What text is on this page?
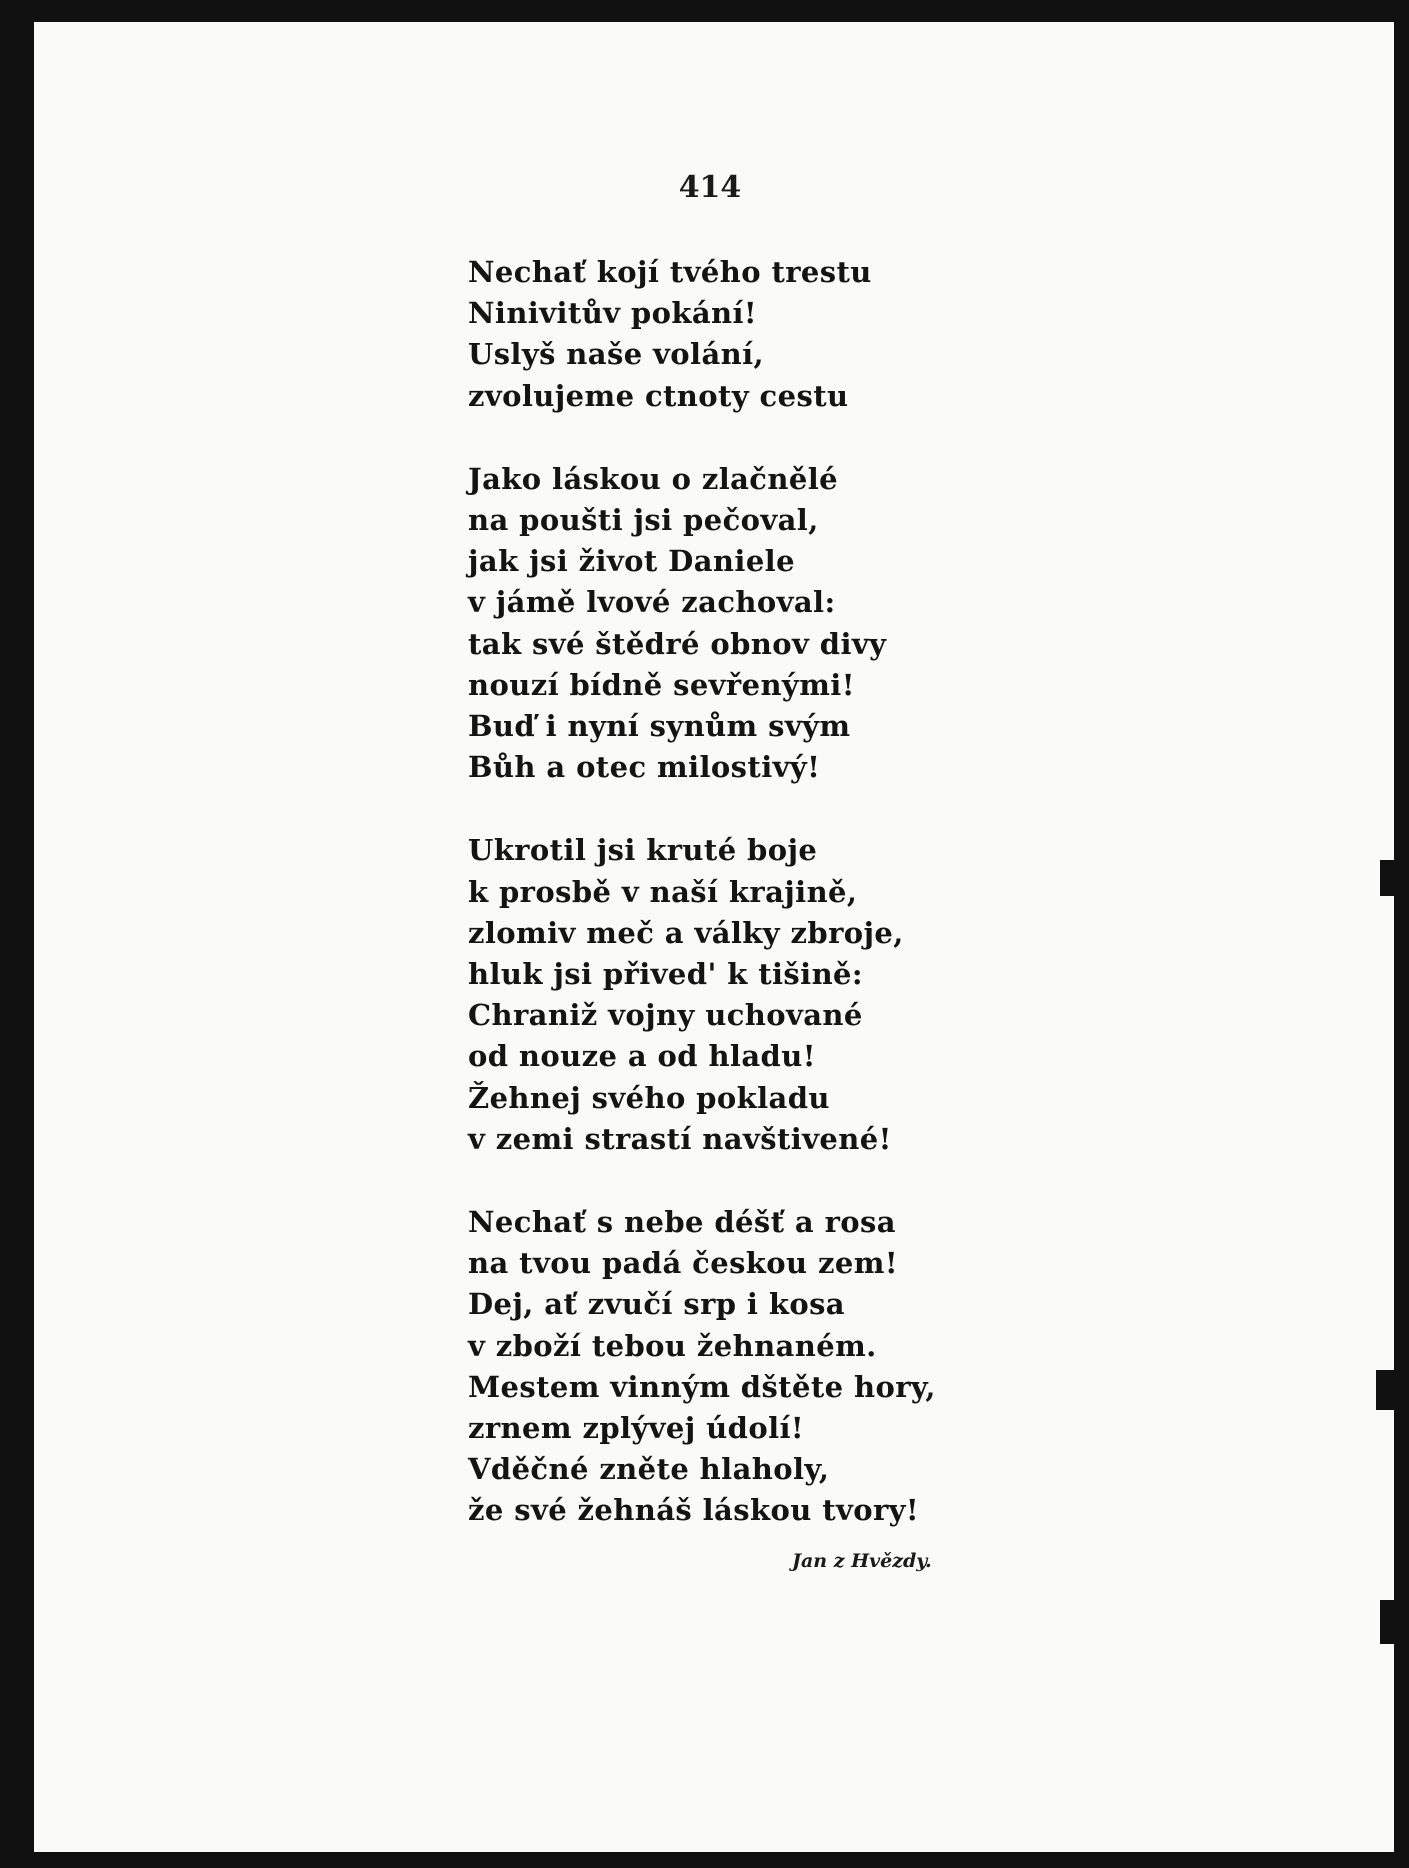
414
Nechať kojí tvého trestu
Ninivitův pokání!
Uslyš naše volání,
zvolujeme ctnoty cestu
Jako láskou o zlačnělé
na poušti jsi pečoval,
jak jsi život Daniele
v jámě lvové zachoval:
tak své štědré obnov divy
nouzí bídně sevřenými!
Buď i nyní synům svým
Bůh a otec milostivý!
Ukrotil jsi kruté boje
k prosbě v naší krajině,
zlomiv meč a války zbroje,
hluk jsi přived' k tišině:
Chraniž vojny uchované
od nouze a od hladu!
Žehnej svého pokladu
v zemi strastí navštivené!
Nechať s nebe déšť a rosa
na tvou padá českou zem!
Dej, ať zvučí srp i kosa
v zboží tebou žehnaném.
Mestem vinným dštěte hory,
zrnem zplývej údolí!
Vděčné zněte hlaholy,
že své žehnáš láskou tvory!
Jan z Hvězdy.
